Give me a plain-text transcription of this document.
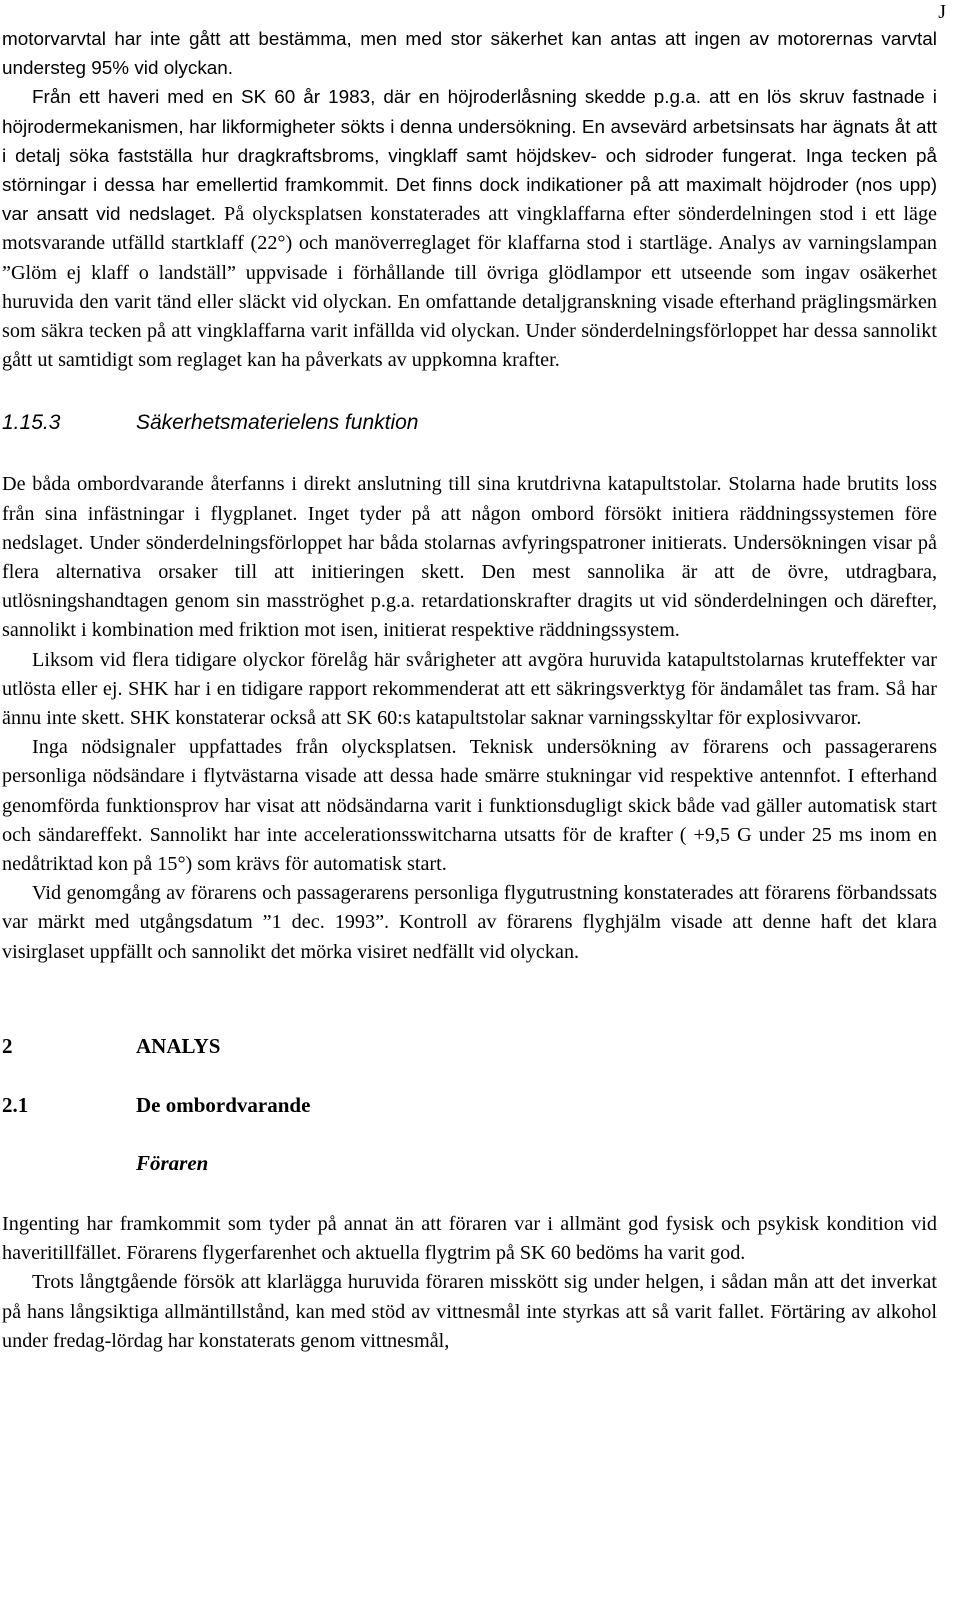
J

motorvarvtal har inte gått att bestämma, men med stor säkerhet kan antas att ingen av motorernas varvtal understeg 95% vid olyckan.

Från ett haveri med en SK 60 år 1983, där en höjroderlåsning skedde p.g.a. att en lös skruv fastnade i höjrodermekanismen, har likformigheter sökts i denna undersökning. En avsevärd arbetsinsats har ägnats åt att i detalj söka fastställa hur dragkraftsbroms, vingklaff samt höjdskev- och sidroder fungerat. Inga tecken på störningar i dessa har emellertid framkommit. Det finns dock indikationer på att maximalt höjdroder (nos upp) var ansatt vid nedslaget. På olycksplatsen konstaterades att vingklaffarna efter sönderdelningen stod i ett läge motsvarande utfälld startklaff (22°) och manöverreglaget för klaffarna stod i startläge. Analys av varningslampan ”Glöm ej klaff o landställ” uppvisade i förhållande till övriga glödlampor ett utseende som ingav osäkerhet huruvida den varit tänd eller släckt vid olyckan. En omfattande detaljgranskning visade efterhand präglingsmärken som säkra tecken på att vingklaffarna varit infällda vid olyckan. Under sönderdelningsförloppet har dessa sannolikt gått ut samtidigt som reglaget kan ha påverkats av uppkomna krafter.

1.15.3	Säkerhetsmaterielens funktion

De båda ombordvarande återfanns i direkt anslutning till sina krutdrivna katapultstolar. Stolarna hade brutits loss från sina infästningar i flygplanet. Inget tyder på att någon ombord försökt initiera räddningssystemen före nedslaget. Under sönderdelningsförloppet har båda stolarnas avfyringspatroner initierats. Undersökningen visar på flera alternativa orsaker till att initieringen skett. Den mest sannolika är att de övre, utdragbara, utlösningshandtagen genom sin masströghet p.g.a. retardationskrafter dragits ut vid sönderdelningen och därefter, sannolikt i kombination med friktion mot isen, initierat respektive räddningssystem.

Liksom vid flera tidigare olyckor förelåg här svårigheter att avgöra huruvida katapultstolarnas kruteffekter var utlösta eller ej. SHK har i en tidigare rapport rekommenderat att ett säkringsverktyg för ändamålet tas fram. Så har ännu inte skett. SHK konstaterar också att SK 60:s katapultstolar saknar varningsskyltar för explosivvaror.

Inga nödsignaler uppfattades från olycksplatsen. Teknisk undersökning av förarens och passagerarens personliga nödsändare i flytvästarna visade att dessa hade smärre stukningar vid respektive antennfot. I efterhand genomförda funktionsprov har visat att nödsändarna varit i funktionsdugligt skick både vad gäller automatisk start och sändareffekt. Sannolikt har inte accelerationsswitcharna utsatts för de krafter ( +9,5 G under 25 ms inom en nedåtriktad kon på 15°) som krävs för automatisk start.

Vid genomgång av förarens och passagerarens personliga flygutrustning konstaterades att förarens förbandssats var märkt med utgångsdatum ”1 dec. 1993”. Kontroll av förarens flyghjälm visade att denne haft det klara visirglaset uppfällt och sannolikt det mörka visiret nedfällt vid olyckan.

2	ANALYS
2.1	De ombordvarande
Föraren

Ingenting har framkommit som tyder på annat än att föraren var i allmänt god fysisk och psykisk kondition vid haveritillfället. Förarens flygerfarenhet och aktuella flygtrim på SK 60 bedöms ha varit god.

Trots långtgående försök att klarlägga huruvida föraren misskött sig under helgen, i sådan mån att det inverkat på hans långsiktiga allmäntillstånd, kan med stöd av vittnesmål inte styrkas att så varit fallet. Förtäring av alkohol under fredag-lördag har konstaterats genom vittnesmål,
